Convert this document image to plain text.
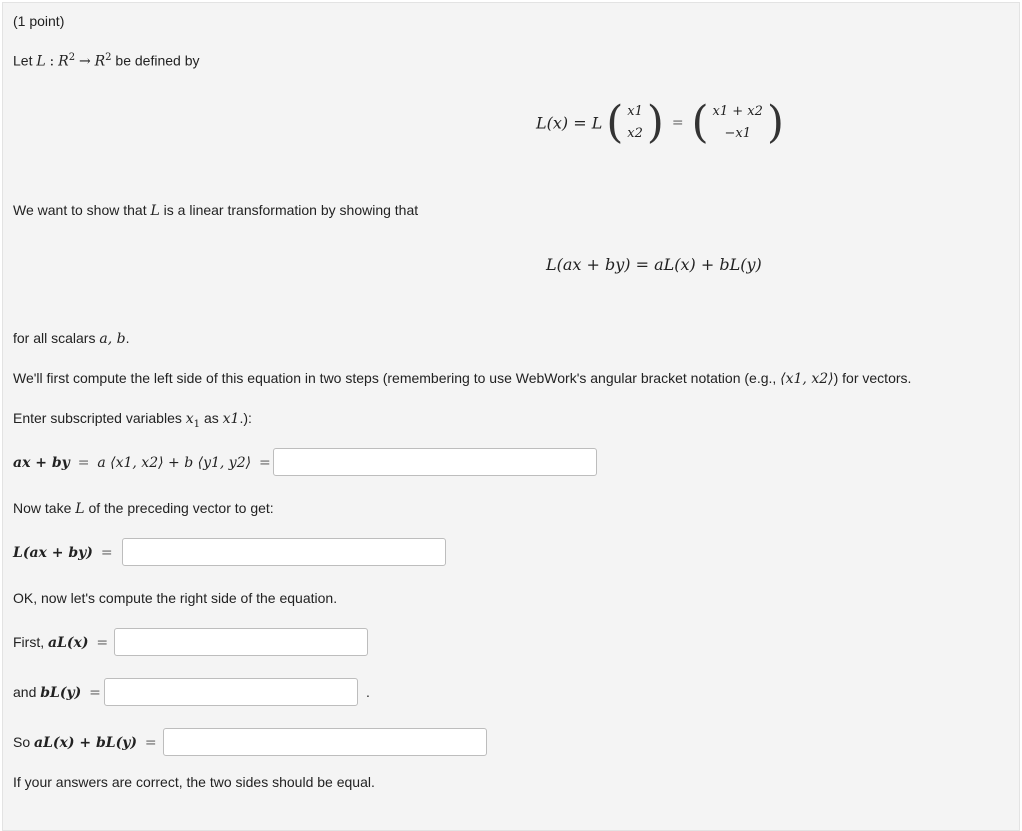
(1 point)
Let L : $R^2 \to R^2$ be defined by
L(x) = L ( x1
x2 ) = ( x1 + x2
−x1 )
We want to show that L is a linear transformation by showing that
L(ax + by) = aL(x) + bL(y)
for all scalars a, b.
We'll first compute the left side of this equation in two steps (remembering to use WebWork's angular bracket notation (e.g., ⟨x1, x2⟩) for vectors.
Enter subscripted variables $x_1$ as x1.):
ax + by = a ⟨x1, x2⟩ + b ⟨y1, y2⟩ =
Now take L of the preceding vector to get:
L(ax + by) =
OK, now let's compute the right side of the equation.
First, aL(x) =
and bL(y) =	.
So aL(x) + bL(y) =
If your answers are correct, the two sides should be equal.
